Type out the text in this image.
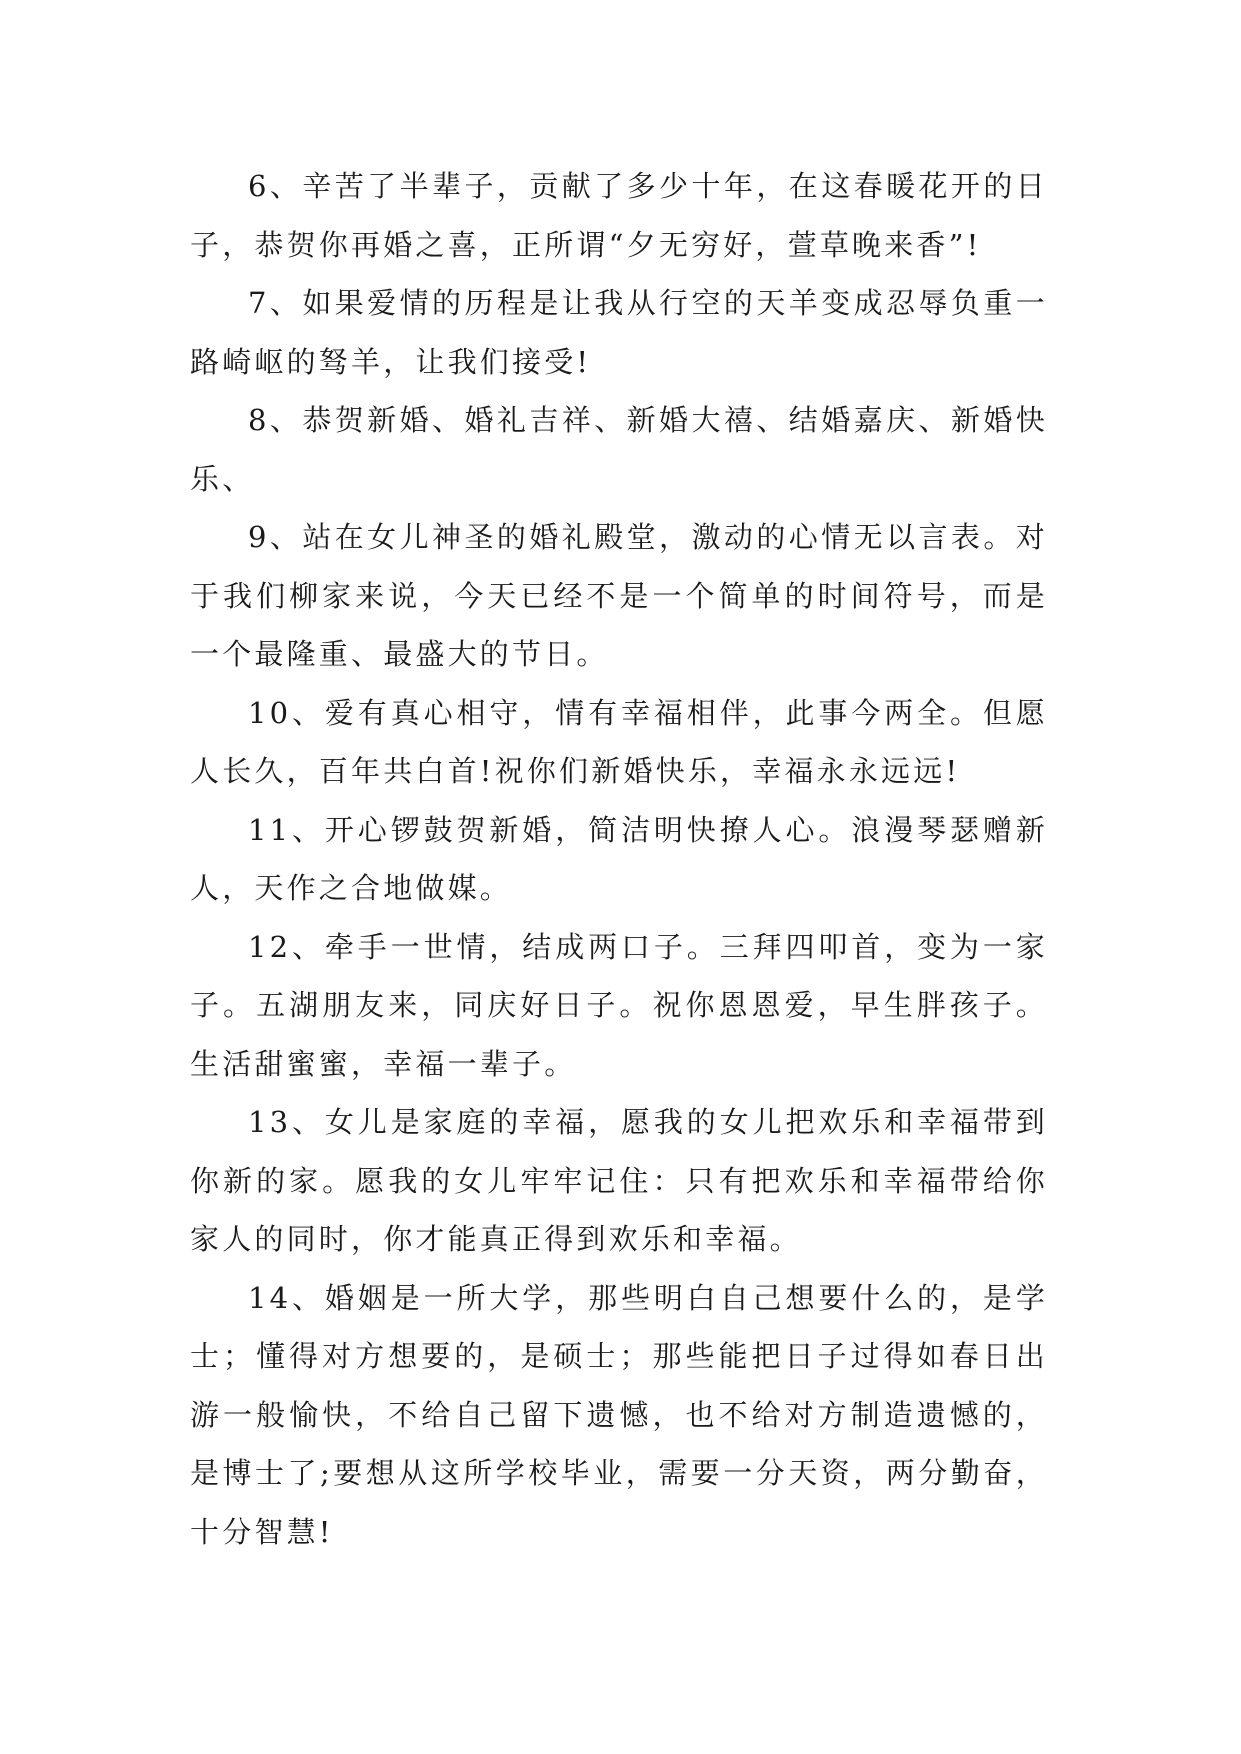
6、辛苦了半辈子，贡献了多少十年，在这春暖花开的日子，恭贺你再婚之喜，正所谓“夕无穷好，萱草晚来香”!

7、如果爱情的历程是让我从行空的天羊变成忍辱负重一路崎岖的驽羊，让我们接受!

8、恭贺新婚、婚礼吉祥、新婚大禧、结婚嘉庆、新婚快乐、

9、站在女儿神圣的婚礼殿堂，激动的心情无以言表。对于我们柳家来说，今天已经不是一个简单的时间符号，而是一个最隆重、最盛大的节日。

10、爱有真心相守，情有幸福相伴，此事今两全。但愿人长久，百年共白首!祝你们新婚快乐，幸福永永远远!

11、开心锣鼓贺新婚，简洁明快撩人心。浪漫琴瑟赠新人，天作之合地做媒。

12、牵手一世情，结成两口子。三拜四叩首，变为一家子。五湖朋友来，同庆好日子。祝你恩恩爱，早生胖孩子。生活甜蜜蜜，幸福一辈子。

13、女儿是家庭的幸福，愿我的女儿把欢乐和幸福带到你新的家。愿我的女儿牢牢记住：只有把欢乐和幸福带给你家人的同时，你才能真正得到欢乐和幸福。

14、婚姻是一所大学，那些明白自己想要什么的，是学士；懂得对方想要的，是硕士；那些能把日子过得如春日出游一般愉快，不给自己留下遗憾，也不给对方制造遗憾的，是博士了;要想从这所学校毕业，需要一分天资，两分勤奋，十分智慧!
